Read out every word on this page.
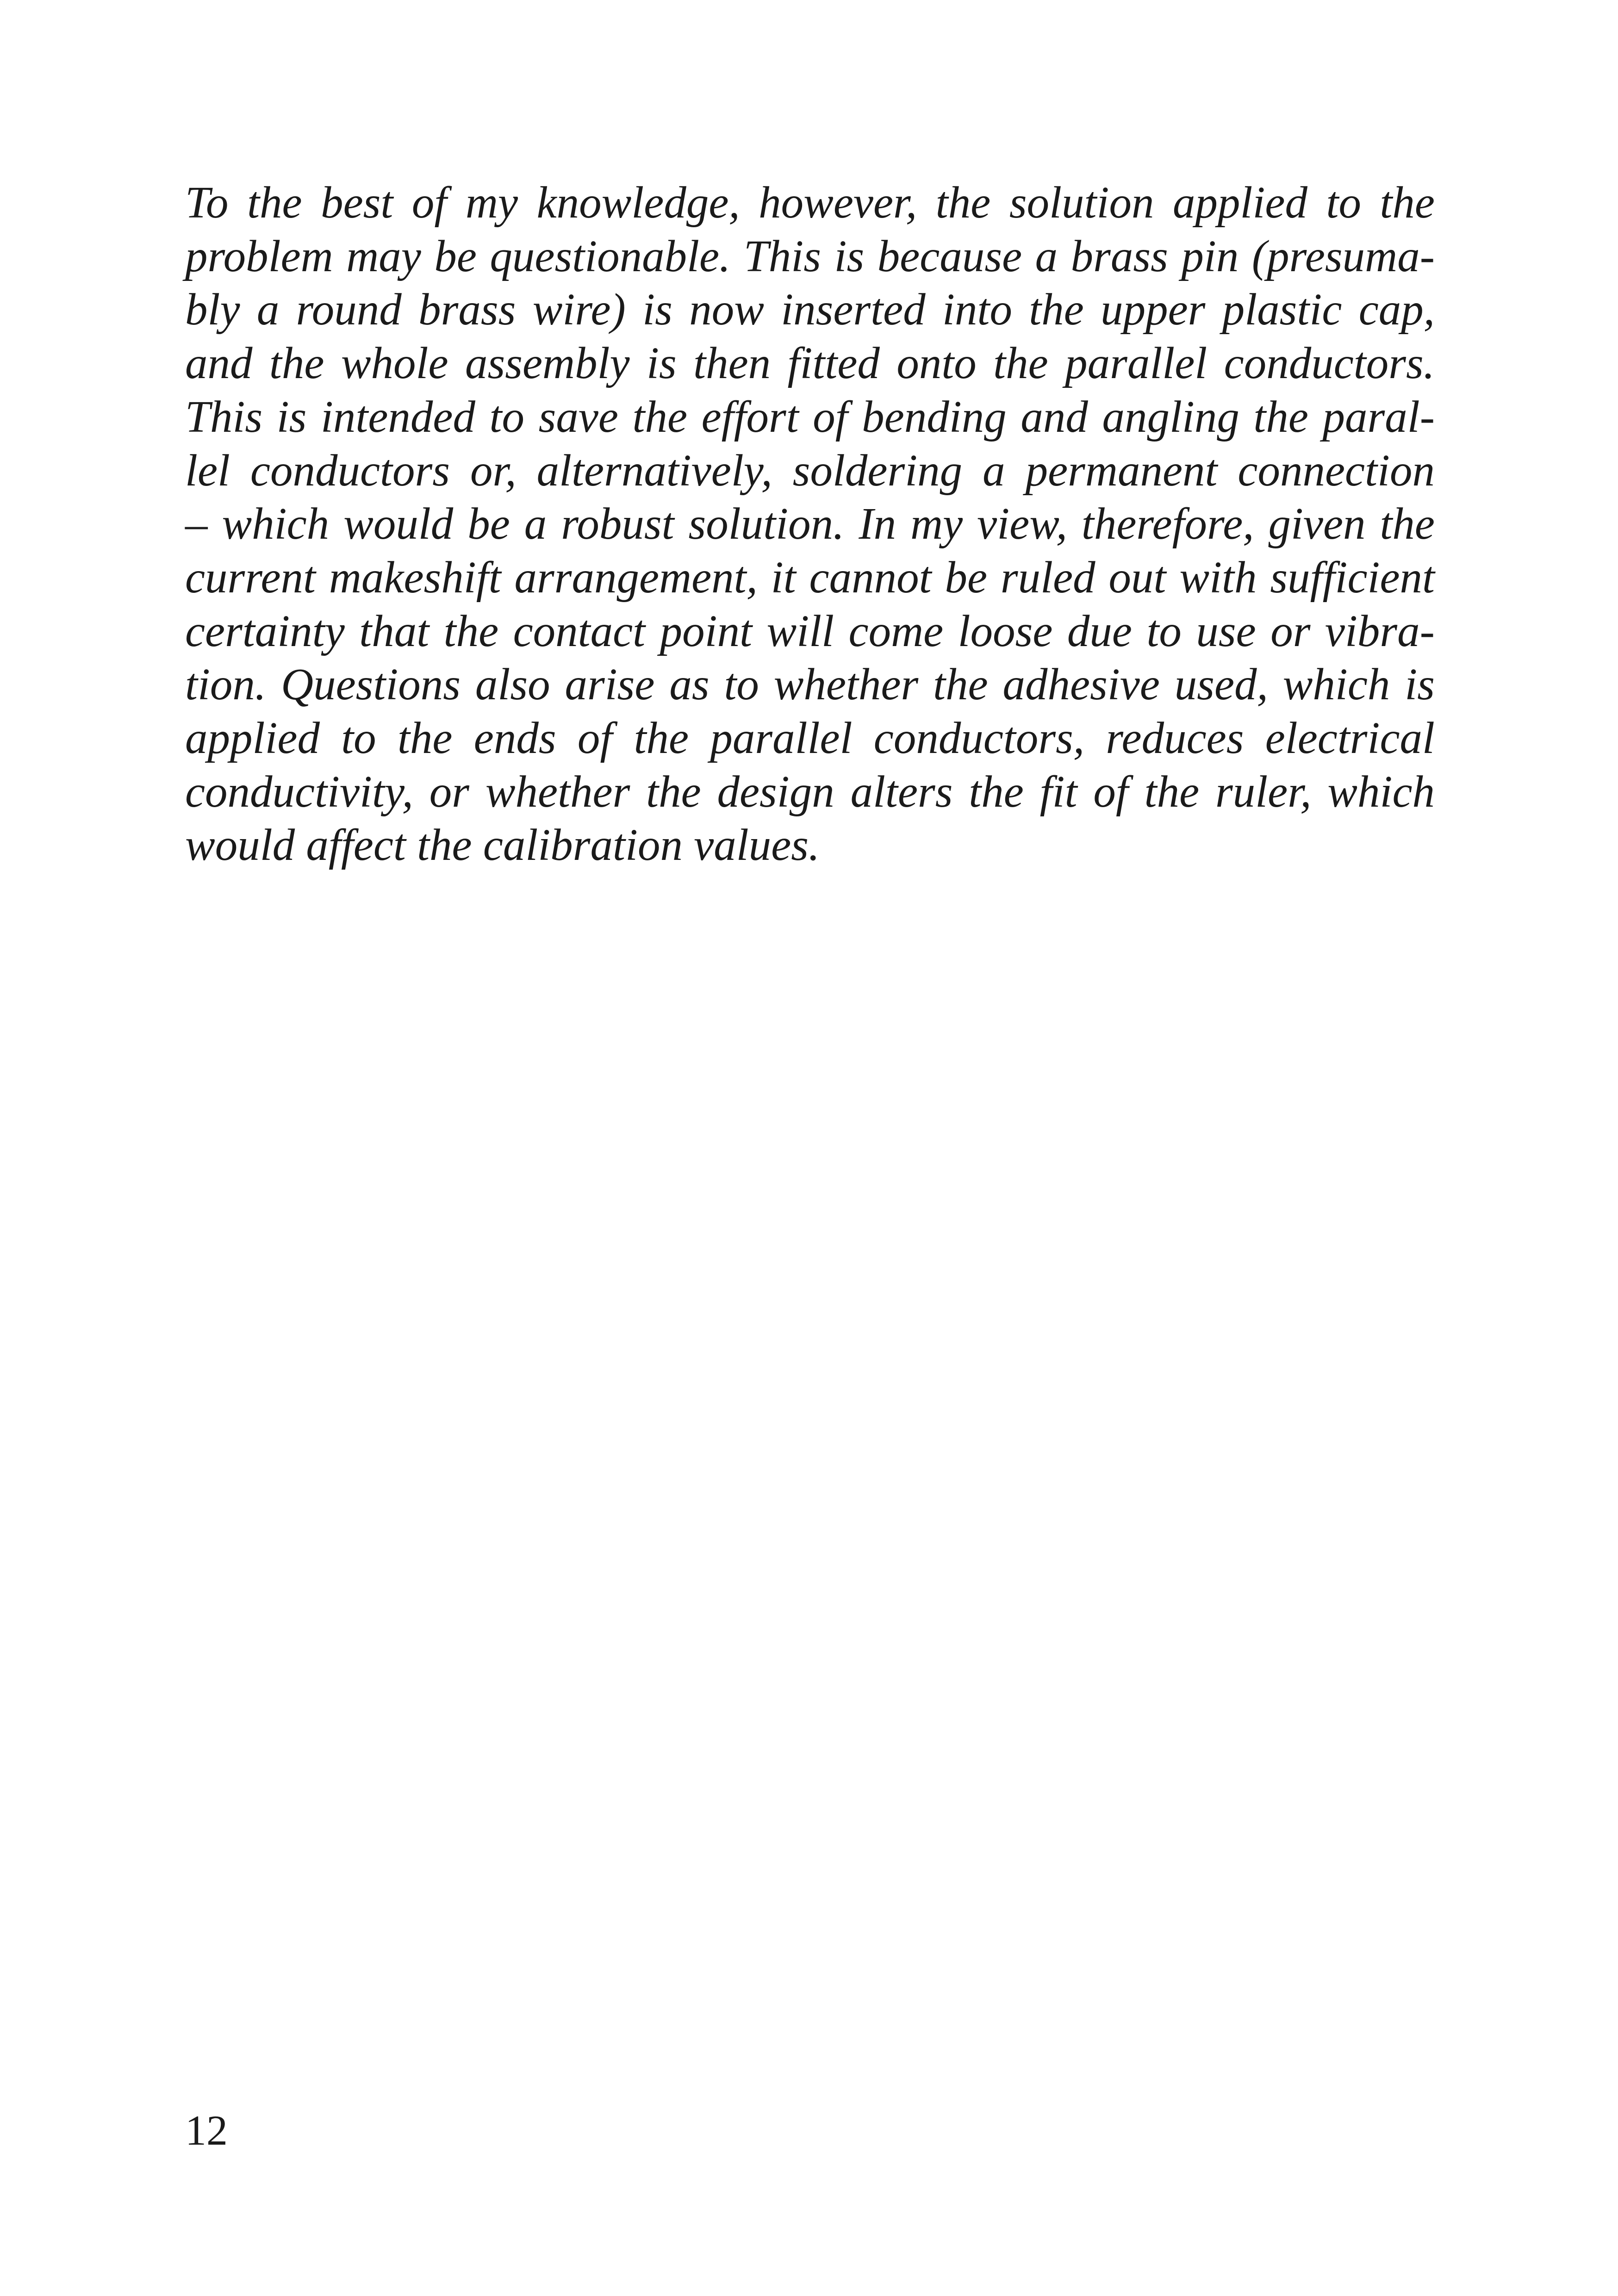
To the best of my knowledge, however, the solution applied to the
problem may be questionable. This is because a brass pin (presuma-
bly a round brass wire) is now inserted into the upper plastic cap,
and the whole assembly is then fitted onto the parallel conductors.
This is intended to save the effort of bending and angling the paral-
lel conductors or, alternatively, soldering a permanent connection
– which would be a robust solution. In my view, therefore, given the
current makeshift arrangement, it cannot be ruled out with sufficient
certainty that the contact point will come loose due to use or vibra-
tion. Questions also arise as to whether the adhesive used, which is
applied to the ends of the parallel conductors, reduces electrical
conductivity, or whether the design alters the fit of the ruler, which
would affect the calibration values.
12
